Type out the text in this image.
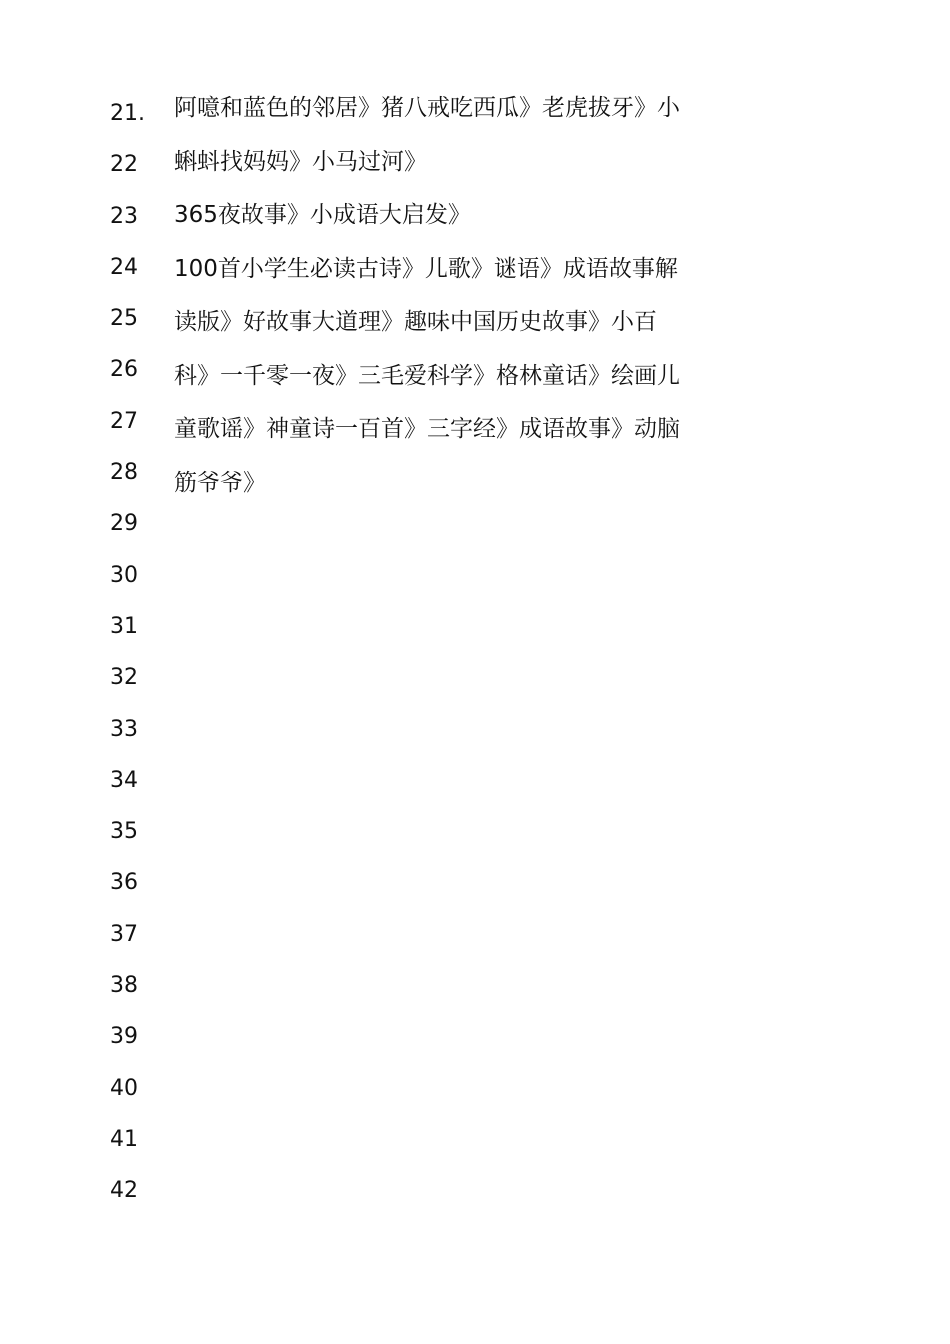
21.
22
23
24
25
26
27
28
29
30
31
32
33
34
35
36
37
38
39
40
41
42
阿噫和蓝色的邻居》猪八戒吃西瓜》老虎拔牙》小
蝌蚪找妈妈》小马过河》
365夜故事》小成语大启发》
100首小学生必读古诗》儿歌》谜语》成语故事解
读版》好故事大道理》趣味中国历史故事》小百
科》一千零一夜》三毛爱科学》格林童话》绘画儿
童歌谣》神童诗一百首》三字经》成语故事》动脑
筋爷爷》
